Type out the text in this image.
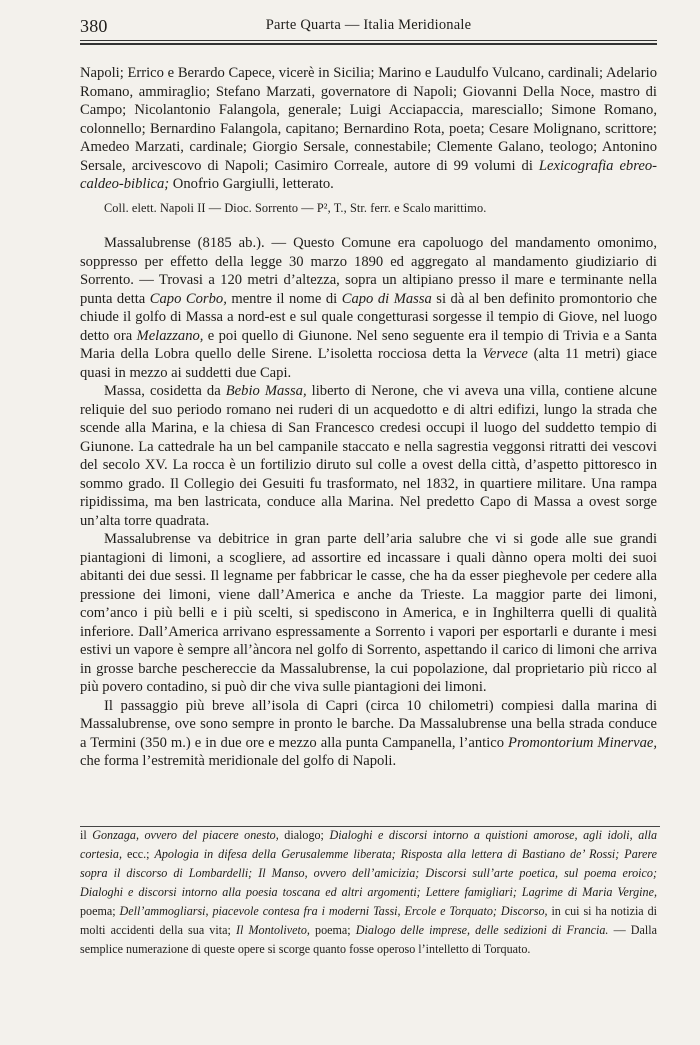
380	Parte Quarta — Italia Meridionale

Napoli; Errico e Berardo Capece, vicerè in Sicilia; Marino e Laudulfo Vulcano, cardinali; Adelario Romano, ammiraglio; Stefano Marzati, governatore di Napoli; Giovanni Della Noce, mastro di Campo; Nicolantonio Falangola, generale; Luigi Acciapaccia, maresciallo; Simone Romano, colonnello; Bernardino Falangola, capitano; Bernardino Rota, poeta; Cesare Molignano, scrittore; Amedeo Marzati, cardinale; Giorgio Sersale, connestabile; Clemente Galano, teologo; Antonino Sersale, arcivescovo di Napoli; Casimiro Correale, autore di 99 volumi di Lexicografia ebreo-caldeo-biblica; Onofrio Gargiulli, letterato.

Coll. elett. Napoli II — Dioc. Sorrento — P², T., Str. ferr. e Scalo marittimo.

Massalubrense (8185 ab.). — Questo Comune era capoluogo del mandamento omonimo, soppresso per effetto della legge 30 marzo 1890 ed aggregato al mandamento giudiziario di Sorrento. — Trovasi a 120 metri d’altezza, sopra un altipiano presso il mare e terminante nella punta detta Capo Corbo, mentre il nome di Capo di Massa si dà al ben definito promontorio che chiude il golfo di Massa a nord-est e sul quale congetturasi sorgesse il tempio di Giove, nel luogo detto ora Melazzano, e poi quello di Giunone. Nel seno seguente era il tempio di Trivia e a Santa Maria della Lobra quello delle Sirene. L’isoletta rocciosa detta la Vervece (alta 11 metri) giace quasi in mezzo ai suddetti due Capi.

Massa, cosidetta da Bebio Massa, liberto di Nerone, che vi aveva una villa, contiene alcune reliquie del suo periodo romano nei ruderi di un acquedotto e di altri edifizi, lungo la strada che scende alla Marina, e la chiesa di San Francesco credesi occupi il luogo del suddetto tempio di Giunone. La cattedrale ha un bel campanile staccato e nella sagrestia veggonsi ritratti dei vescovi del secolo XV. La rocca è un fortilizio diruto sul colle a ovest della città, d’aspetto pittoresco in sommo grado. Il Collegio dei Gesuiti fu trasformato, nel 1832, in quartiere militare. Una rampa ripidissima, ma ben lastricata, conduce alla Marina. Nel predetto Capo di Massa a ovest sorge un’alta torre quadrata.

Massalubrense va debitrice in gran parte dell’aria salubre che vi si gode alle sue grandi piantagioni di limoni, a scogliere, ad assortire ed incassare i quali dànno opera molti dei suoi abitanti dei due sessi. Il legname per fabbricar le casse, che ha da esser pieghevole per cedere alla pressione dei limoni, viene dall’America e anche da Trieste. La maggior parte dei limoni, com’anco i più belli e i più scelti, si spediscono in America, e in Inghilterra quelli di qualità inferiore. Dall’America arrivano espressamente a Sorrento i vapori per esportarli e durante i mesi estivi un vapore è sempre all’àncora nel golfo di Sorrento, aspettando il carico di limoni che arriva in grosse barche peschereccie da Massalubrense, la cui popolazione, dal proprietario più ricco al più povero contadino, si può dir che viva sulle piantagioni dei limoni.

Il passaggio più breve all’isola di Capri (circa 10 chilometri) compiesi dalla marina di Massalubrense, ove sono sempre in pronto le barche. Da Massalubrense una bella strada conduce a Termini (350 m.) e in due ore e mezzo alla punta Campanella, l’antico Promontorium Minervae, che forma l’estremità meridionale del golfo di Napoli.

il Gonzaga, ovvero del piacere onesto, dialogo; Dialoghi e discorsi intorno a quistioni amorose, agli idoli, alla cortesia, ecc.; Apologia in difesa della Gerusalemme liberata; Risposta alla lettera di Bastiano de’ Rossi; Parere sopra il discorso di Lombardelli; Il Manso, ovvero dell’amicizia; Discorsi sull’arte poetica, sul poema eroico; Dialoghi e discorsi intorno alla poesia toscana ed altri argomenti; Lettere famigliari; Lagrime di Maria Vergine, poema; Dell’ammogliarsi, piacevole contesa fra i moderni Tassi, Ercole e Torquato; Discorso, in cui si ha notizia di molti accidenti della sua vita; Il Montoliveto, poema; Dialogo delle imprese, delle sedizioni di Francia. — Dalla semplice numerazione di queste opere si scorge quanto fosse operoso l’intelletto di Torquato.
